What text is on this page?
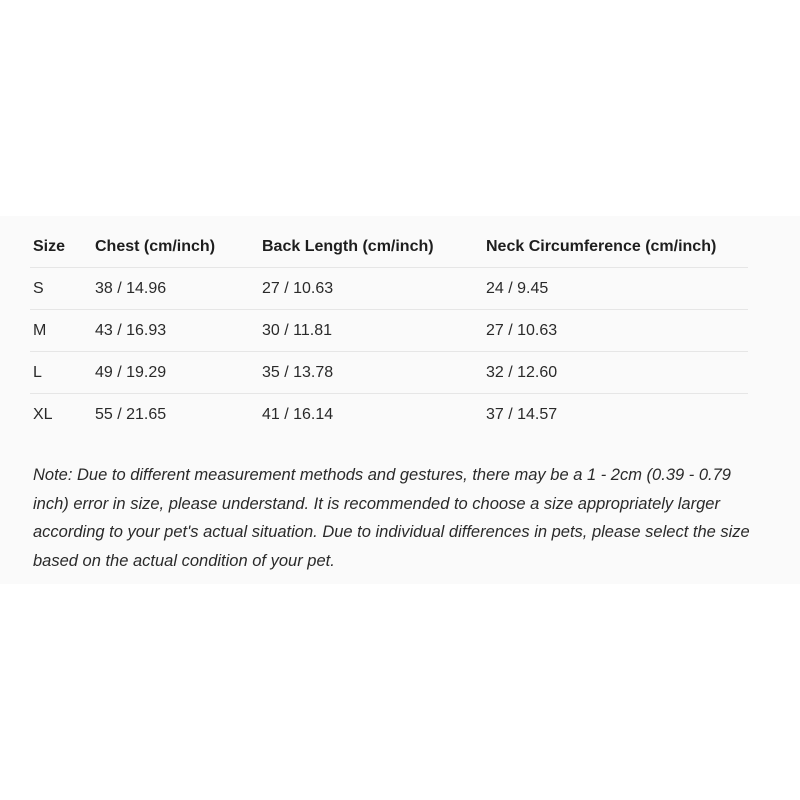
Size	Chest (cm/inch)	Back Length (cm/inch)	Neck Circumference (cm/inch)
S	38 / 14.96	27 / 10.63	24 / 9.45
M	43 / 16.93	30 / 11.81	27 / 10.63
L	49 / 19.29	35 / 13.78	32 / 12.60
XL	55 / 21.65	41 / 16.14	37 / 14.57

Note: Due to different measurement methods and gestures, there may be a 1 - 2cm (0.39 - 0.79 inch) error in size, please understand. It is recommended to choose a size appropriately larger according to your pet's actual situation. Due to individual differences in pets, please select the size based on the actual condition of your pet.
